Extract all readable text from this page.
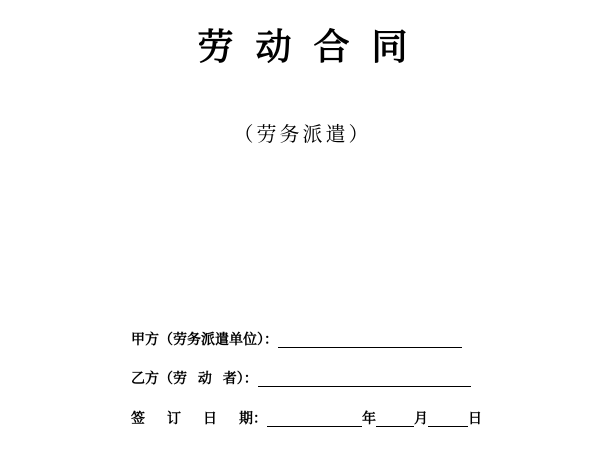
劳动合同
（劳务派遣）
甲方（劳务派遣单位）：
乙方（劳 动 者）：
签 订 日 期：	年	月	日
